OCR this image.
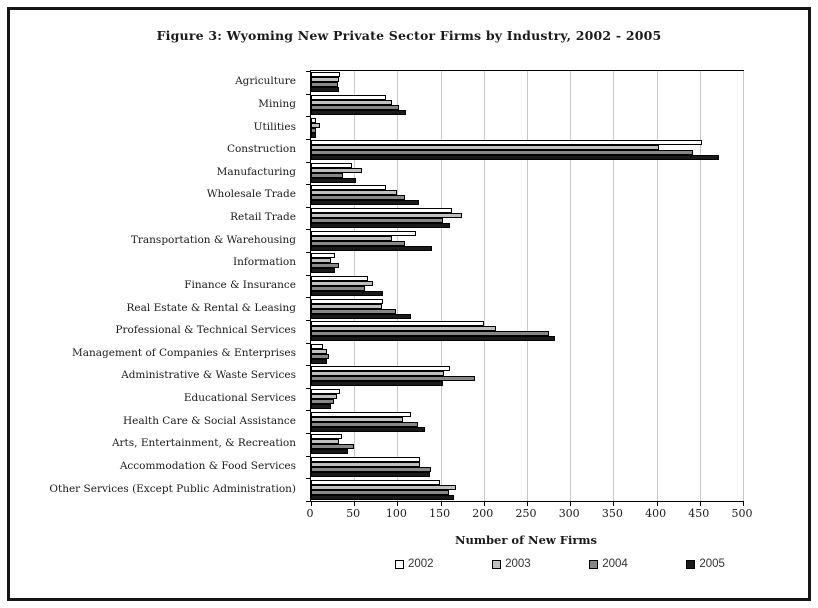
Figure 3: Wyoming New Private Sector Firms by Industry, 2002 - 2005
Agriculture
Mining
Utilities
Construction
Manufacturing
Wholesale Trade
Retail Trade
Transportation & Warehousing
Information
Finance & Insurance
Real Estate & Rental & Leasing
Professional & Technical Services
Management of Companies & Enterprises
Administrative & Waste Services
Educational Services
Health Care & Social Assistance
Arts, Entertainment, & Recreation
Accommodation & Food Services
Other Services (Except Public Administration)
0	50 100 150 200 250 300 350 400 450 500
Number of New Firms
2002	2003	2004	2005
